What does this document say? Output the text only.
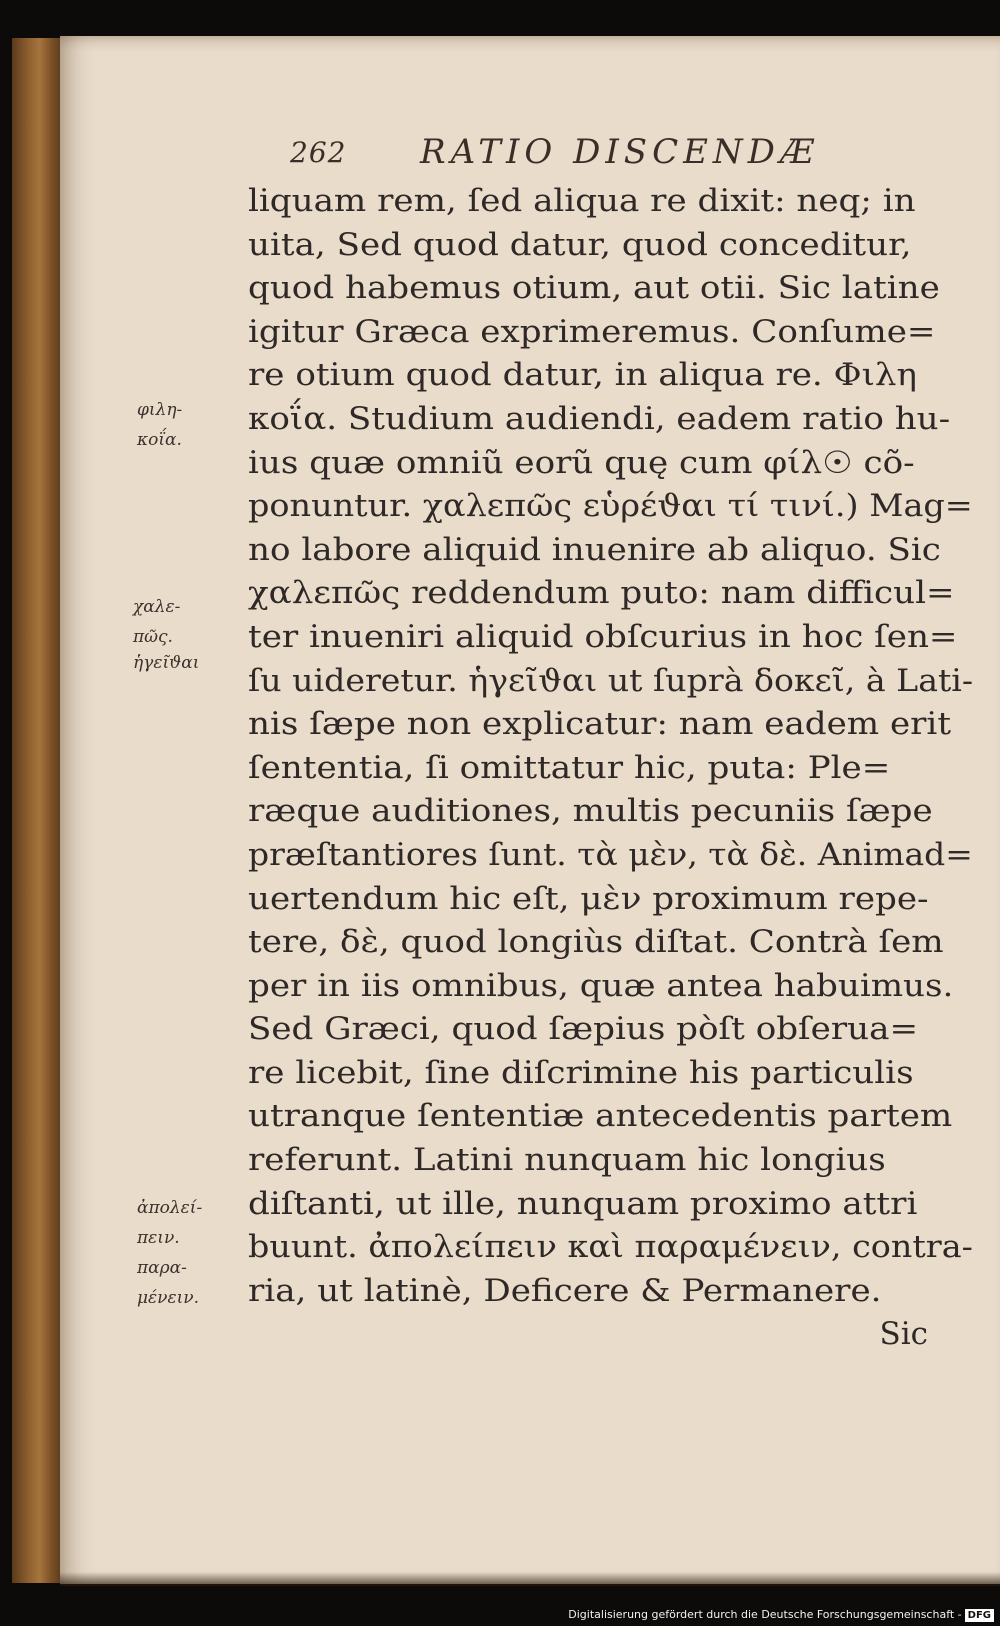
262 RATIO DISCENDÆ
liquam rem, ſed aliqua re dixit: neq; in
uita, Sed quod datur, quod conceditur,
quod habemus otium, aut otii. Sic latine
igitur Græca exprimeremus. Conſume=
re otium quod datur, in aliqua re. Φιλη
κοΐα. Studium audiendi, eadem ratio hu-
ius quæ omniũ eorũ quę cum φίλ☉ cõ-
ponuntur. χαλεπῶς εὑρέϑαι τί τινί.) Mag=
no labore aliquid inuenire ab aliquo. Sic
χαλεπῶς reddendum puto: nam difficul=
ter inueniri aliquid obſcurius in hoc ſen=
ſu uideretur. ἡγεῖϑαι ut ſuprà δοκεῖ, à Lati-
nis ſæpe non explicatur: nam eadem erit
ſententia, ſi omittatur hic, puta: Ple=
ræque auditiones, multis pecuniis ſæpe
præſtantiores ſunt. τὰ μὲν, τὰ δὲ. Animad=
uertendum hic eſt, μὲν proximum repe-
tere, δὲ, quod longiùs diſtat. Contrà ſem
per in iis omnibus, quæ antea habuimus.
Sed Græci, quod ſæpius pòſt obſerua=
re licebit, ſine diſcrimine his particulis
utranque ſententiæ antecedentis partem
referunt. Latini nunquam hic longius
diſtanti, ut ille, nunquam proximo attri
buunt. ἀπολείπειν καὶ παραμένειν, contra-
ria, ut latinè, Deficere & Permanere.
Sic
φιλη-
κοΐα.
χαλε-
πῶς.
ἡγεῖϑαι
ἀπολεί-
πειν.
παρα-
μένειν.
Digitalisierung gefördert durch die Deutsche Forschungsgemeinschaft - DFG
